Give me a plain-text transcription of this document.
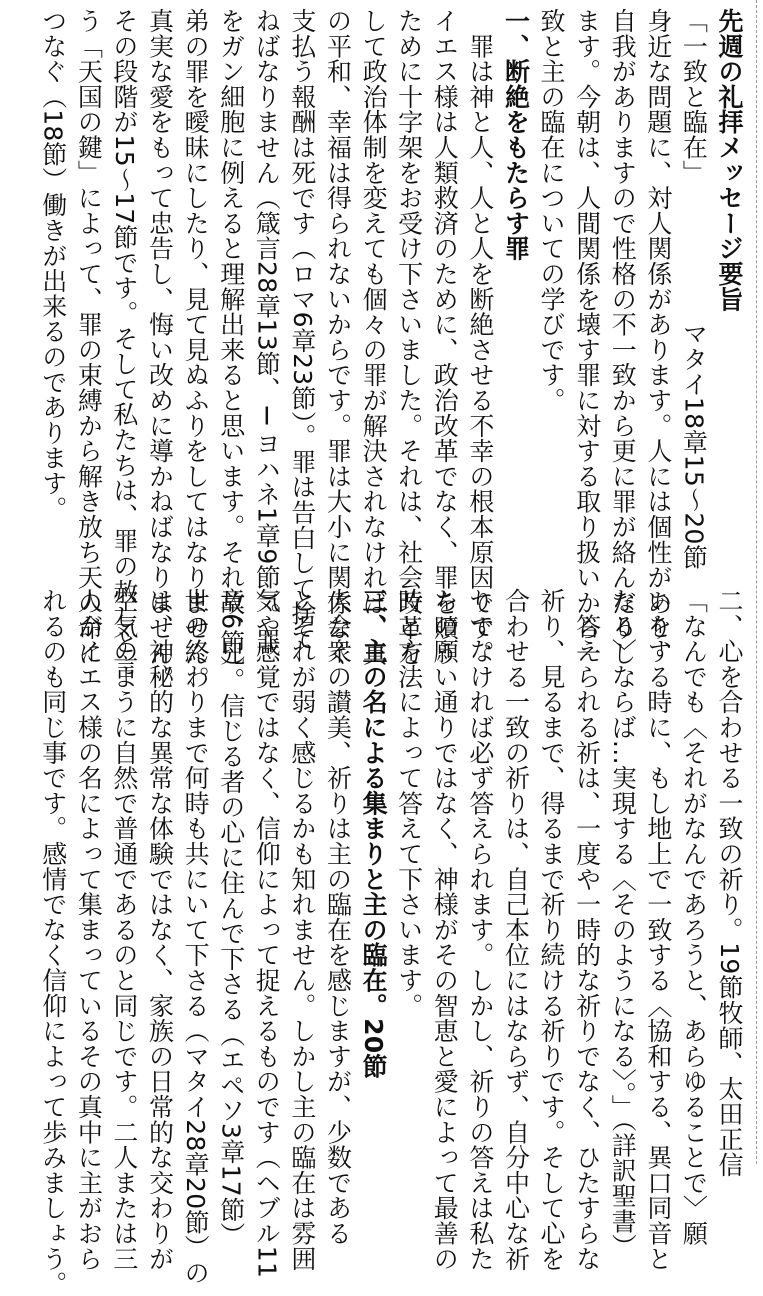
先週の礼拝メッセージ要旨
「一致と臨在」
マタイ18章15〜20節
身近な問題に、対人関係があります。人には個性があり、
自我がありますので性格の不一致から更に罪が絡んだりし
ます。今朝は、人間関係を壊す罪に対する取り扱いから一
致と主の臨在についての学びです。
一、断絶をもたらす罪
　罪は神と人、人と人を断絶させる不幸の根本原因です。
イエス様は人類救済のために、政治改革でなく、罪を贖う
ために十字架をお受け下さいました。それは、社会改革を
して政治体制を変えても個々の罪が解決されなければ、真
の平和、幸福は得られないからです。罪は大小に関係なく
支払う報酬は死です（ロマ6章23節）。罪は告白して捨て
ねばなりません（箴言28章13節、Ⅰヨハネ1章9節）。罪
をガン細胞に例えると理解出来ると思います。それ故、兄
弟の罪を曖昧にしたり、見て見ぬふりをしてはなりません。
真実な愛をもって忠告し、悔い改めに導かねばなりません。
その段階が15〜17節です。そして私たちは、罪の赦しと言
う「天国の鍵」によって、罪の束縛から解き放ち天の命に
つなぐ（18節）働きが出来るのであります。
二、心を合わせる一致の祈り。19節
牧師、太田正信
「なんでも〈それがなんであろうと、あらゆることで〉願
いをする時に、もし地上で一致する〈協和する、異口同音と
なる〉ならば…実現する〈そのようになる〉。」（詳訳聖書）
　答えられる祈は、一度や一時的な祈りでなく、ひたすらな
祈り、見るまで、得るまで祈り続ける祈りです。そして心を
合わせる一致の祈りは、自己本位にはならず、自分中心な祈
りでなければ必ず答えられます。しかし、祈りの答えは私た
ちの願い通りではなく、神様がその智恵と愛によって最善の
時と方法によって答えて下さいます。
三、主の名による集まりと主の臨在。20節
大会衆の讃美、祈りは主の臨在を感じますが、少数である
とそれが弱く感じるかも知れません。しかし主の臨在は雰囲
気や感覚ではなく、信仰によって捉えるものです（ヘブル11
章6節）。信じる者の心に住んで下さる（エペソ3章17節）
世の終わりまで何時も共にいて下さる（マタイ28章20節）の
は、神秘的な異常な体験ではなく、家族の日常的な交わりが
空気のように自然で普通であるのと同じです。二人または三
人がイエス様の名によって集まっているその真中に主がおら
れるのも同じ事です。感情でなく信仰によって歩みましょう。
